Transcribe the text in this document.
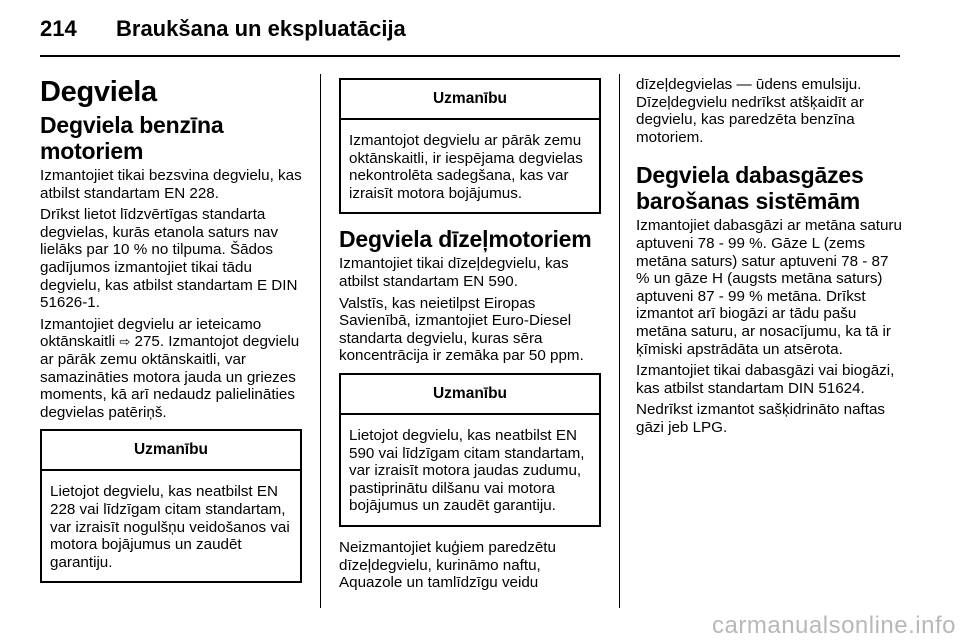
214 Braukšana un ekspluatācija
Degviela
Degviela benzīna motoriem

Izmantojiet tikai bezsvina degvielu, kas atbilst standartam EN 228.

Drīkst lietot līdzvērtīgas standarta degvielas, kurās etanola saturs nav lielāks par 10 % no tilpuma. Šādos gadījumos izmantojiet tikai tādu degvielu, kas atbilst standartam E DIN 51626-1.

Izmantojiet degvielu ar ieteicamo oktānskaitli ⇨ 275. Izmantojot degvielu ar pārāk zemu oktānskaitli, var samazināties motora jauda un griezes moments, kā arī nedaudz palielināties degvielas patēriņš.

Uzmanību
Lietojot degvielu, kas neatbilst EN 228 vai līdzīgam citam standartam, var izraisīt nogulšņu veidošanos vai motora bojājumus un zaudēt garantiju.
Uzmanību
Izmantojot degvielu ar pārāk zemu oktānskaitli, ir iespējama degvielas nekontrolēta sadegšana, kas var izraisīt motora bojājumus.
Degviela dīzeļmotoriem

Izmantojiet tikai dīzeļdegvielu, kas atbilst standartam EN 590.

Valstīs, kas neietilpst Eiropas Savienībā, izmantojiet Euro-Diesel standarta degvielu, kuras sēra koncentrācija ir zemāka par 50 ppm.

Uzmanību
Lietojot degvielu, kas neatbilst EN 590 vai līdzīgam citam standartam, var izraisīt motora jaudas zudumu, pastiprinātu dilšanu vai motora bojājumus un zaudēt garantiju.

Neizmantojiet kuģiem paredzētu dīzeļdegvielu, kurināmo naftu, Aquazole un tamlīdzīgu veidu

dīzeļdegvielas — ūdens emulsiju. Dīzeļdegvielu nedrīkst atšķaidīt ar degvielu, kas paredzēta benzīna motoriem.

Degviela dabasgāzes barošanas sistēmām

Izmantojiet dabasgāzi ar metāna saturu aptuveni 78 - 99 %. Gāze L (zems metāna saturs) satur aptuveni 78 - 87 % un gāze H (augsts metāna saturs) aptuveni 87 - 99 % metāna. Drīkst izmantot arī biogāzi ar tādu pašu metāna saturu, ar nosacījumu, ka tā ir ķīmiski apstrādāta un atsērota.

Izmantojiet tikai dabasgāzi vai biogāzi, kas atbilst standartam DIN 51624.

Nedrīkst izmantot sašķidrināto naftas gāzi jeb LPG.

carmanualsonline.info
